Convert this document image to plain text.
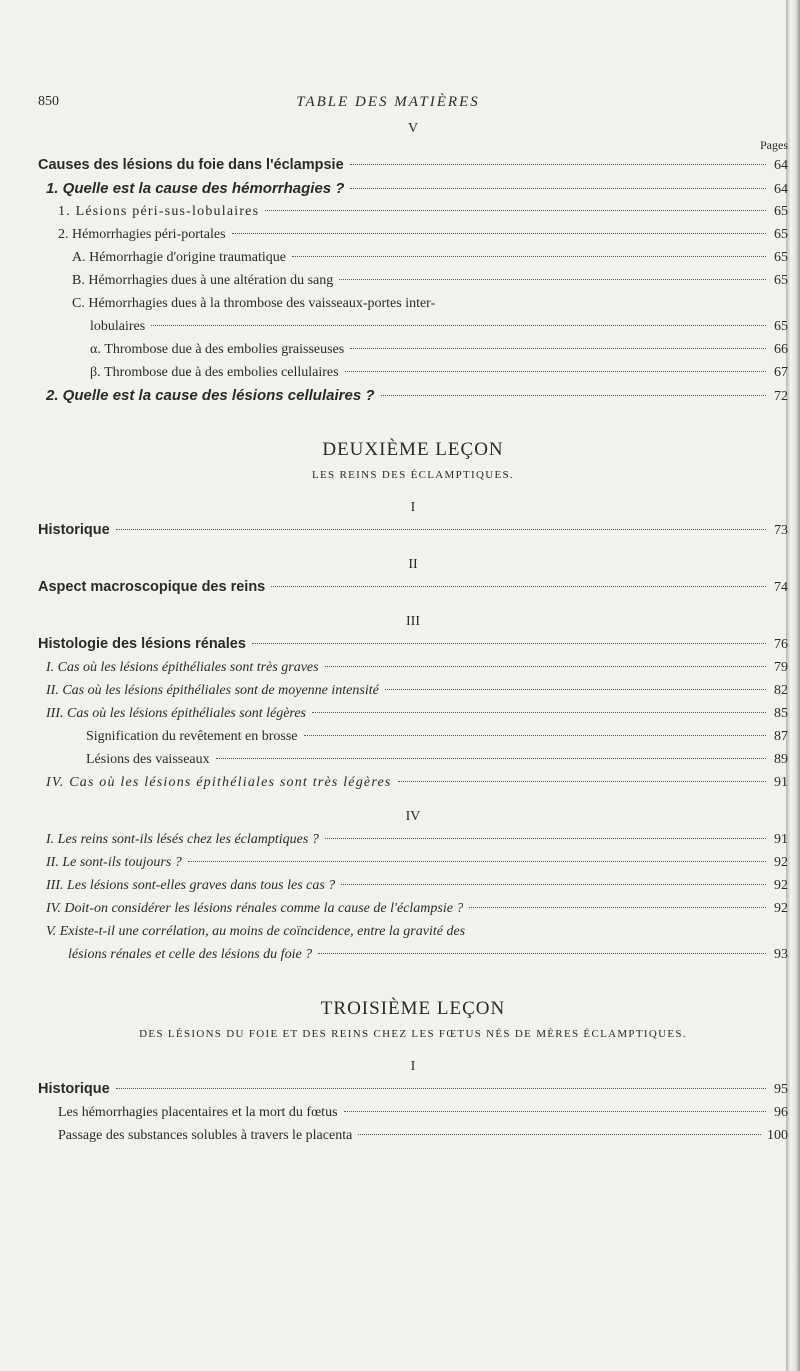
850	TABLE DES MATIÈRES
V
Pages
Causes des lésions du foie dans l'éclampsie	64
1. Quelle est la cause des hémorrhagies ?	64
1. Lésions péri-sus-lobulaires	65
2. Hémorrhagies péri-portales	65
A. Hémorrhagie d'origine traumatique	65
B. Hémorrhagies dues à une altération du sang	65
C. Hémorrhagies dues à la thrombose des vaisseaux-portes inter-
lobulaires	65
α. Thrombose due à des embolies graisseuses	66
β. Thrombose due à des embolies cellulaires	67
2. Quelle est la cause des lésions cellulaires ?	72
DEUXIÈME LEÇON
LES REINS DES ÉCLAMPTIQUES.
I
Historique	73
II
Aspect macroscopique des reins	74
III
Histologie des lésions rénales	76
I. Cas où les lésions épithéliales sont très graves	79
II. Cas où les lésions épithéliales sont de moyenne intensité	82
III. Cas où les lésions épithéliales sont légères	85
Signification du revêtement en brosse	87
Lésions des vaisseaux	89
IV. Cas où les lésions épithéliales sont très légères	91
IV
I. Les reins sont-ils lésés chez les éclamptiques ?	91
II. Le sont-ils toujours ?	92
III. Les lésions sont-elles graves dans tous les cas ?	92
IV. Doit-on considérer les lésions rénales comme la cause de l'éclampsie ?	92
V. Existe-t-il une corrélation, au moins de coïncidence, entre la gravité des
lésions rénales et celle des lésions du foie ?	93
TROISIÈME LEÇON
DES LÉSIONS DU FOIE ET DES REINS CHEZ LES FŒTUS NÉS DE MÈRES ÉCLAMPTIQUES.
I
Historique	95
Les hémorrhagies placentaires et la mort du fœtus	96
Passage des substances solubles à travers le placenta	100
